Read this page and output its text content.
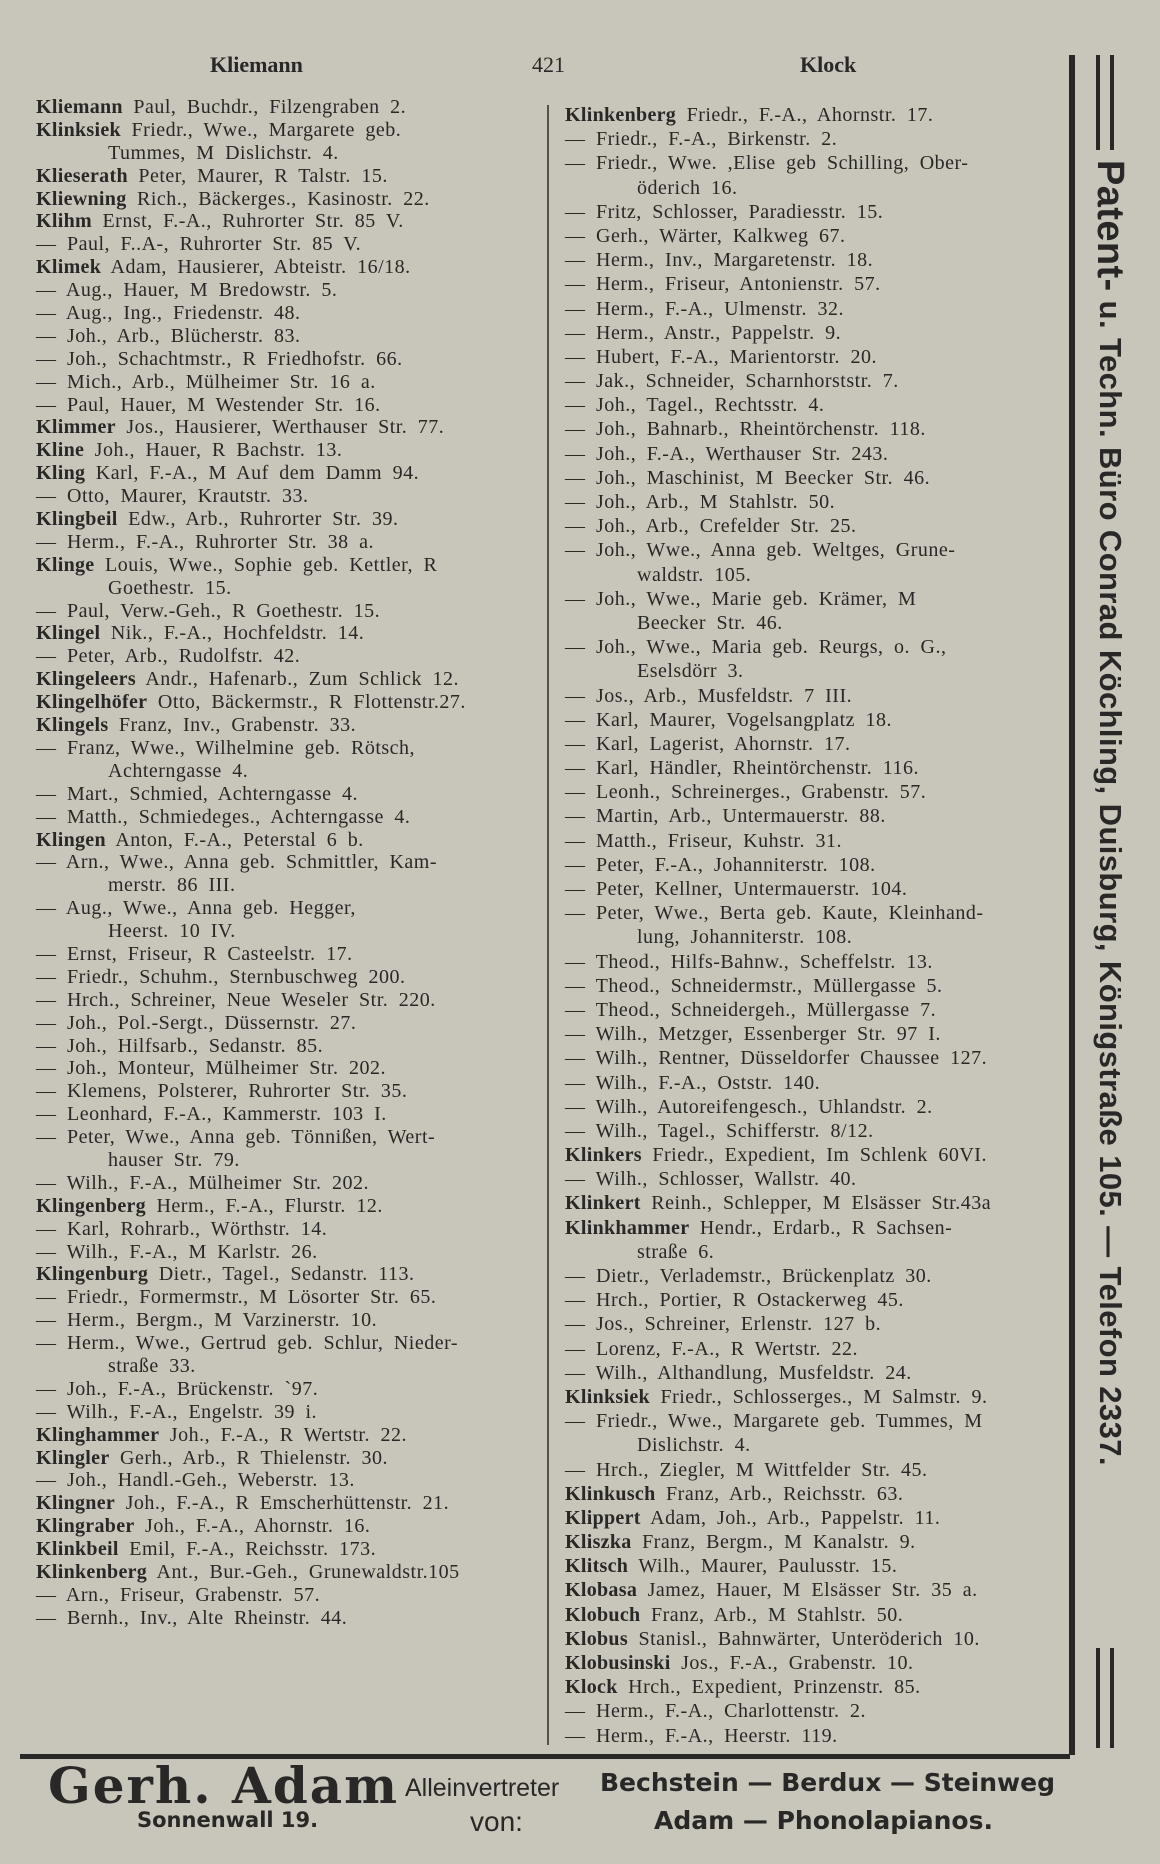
Kliemann	421	Klock
Kliemann Paul, Buchdr., Filzengraben 2.
Klinksiek Friedr., Wwe., Margarete geb.
Tummes, M Dislichstr. 4.
Klieserath Peter, Maurer, R Talstr. 15.
Kliewning Rich., Bäckerges., Kasinostr. 22.
Klihm Ernst, F.-A., Ruhrorter Str. 85 V.
— Paul, F..A-, Ruhrorter Str. 85 V.
Klimek Adam, Hausierer, Abteistr. 16/18.
— Aug., Hauer, M Bredowstr. 5.
— Aug., Ing., Friedenstr. 48.
— Joh., Arb., Blücherstr. 83.
— Joh., Schachtmstr., R Friedhofstr. 66.
— Mich., Arb., Mülheimer Str. 16 a.
— Paul, Hauer, M Westender Str. 16.
Klimmer Jos., Hausierer, Werthauser Str. 77.
Kline Joh., Hauer, R Bachstr. 13.
Kling Karl, F.-A., M Auf dem Damm 94.
— Otto, Maurer, Krautstr. 33.
Klingbeil Edw., Arb., Ruhrorter Str. 39.
— Herm., F.-A., Ruhrorter Str. 38 a.
Klinge Louis, Wwe., Sophie geb. Kettler, R
Goethestr. 15.
— Paul, Verw.-Geh., R Goethestr. 15.
Klingel Nik., F.-A., Hochfeldstr. 14.
— Peter, Arb., Rudolfstr. 42.
Klingeleers Andr., Hafenarb., Zum Schlick 12.
Klingelhöfer Otto, Bäckermstr., R Flottenstr.27.
Klingels Franz, Inv., Grabenstr. 33.
— Franz, Wwe., Wilhelmine geb. Rötsch,
Achterngasse 4.
— Mart., Schmied, Achterngasse 4.
— Matth., Schmiedeges., Achterngasse 4.
Klingen Anton, F.-A., Peterstal 6 b.
— Arn., Wwe., Anna geb. Schmittler, Kam-
merstr. 86 III.
— Aug., Wwe., Anna geb. Hegger,
Heerst. 10 IV.
— Ernst, Friseur, R Casteelstr. 17.
— Friedr., Schuhm., Sternbuschweg 200.
— Hrch., Schreiner, Neue Weseler Str. 220.
— Joh., Pol.-Sergt., Düssernstr. 27.
— Joh., Hilfsarb., Sedanstr. 85.
— Joh., Monteur, Mülheimer Str. 202.
— Klemens, Polsterer, Ruhrorter Str. 35.
— Leonhard, F.-A., Kammerstr. 103 I.
— Peter, Wwe., Anna geb. Tönnißen, Wert-
hauser Str. 79.
— Wilh., F.-A., Mülheimer Str. 202.
Klingenberg Herm., F.-A., Flurstr. 12.
— Karl, Rohrarb., Wörthstr. 14.
— Wilh., F.-A., M Karlstr. 26.
Klingenburg Dietr., Tagel., Sedanstr. 113.
— Friedr., Formermstr., M Lösorter Str. 65.
— Herm., Bergm., M Varzinerstr. 10.
— Herm., Wwe., Gertrud geb. Schlur, Nieder-
straße 33.
— Joh., F.-A., Brückenstr. `97.
— Wilh., F.-A., Engelstr. 39 i.
Klinghammer Joh., F.-A., R Wertstr. 22.
Klingler Gerh., Arb., R Thielenstr. 30.
— Joh., Handl.-Geh., Weberstr. 13.
Klingner Joh., F.-A., R Emscherhüttenstr. 21.
Klingraber Joh., F.-A., Ahornstr. 16.
Klinkbeil Emil, F.-A., Reichsstr. 173.
Klinkenberg Ant., Bur.-Geh., Grunewaldstr.105
— Arn., Friseur, Grabenstr. 57.
— Bernh., Inv., Alte Rheinstr. 44.
Klinkenberg Friedr., F.-A., Ahornstr. 17.
— Friedr., F.-A., Birkenstr. 2.
— Friedr., Wwe. ,Elise geb Schilling, Ober-
öderich 16.
— Fritz, Schlosser, Paradiesstr. 15.
— Gerh., Wärter, Kalkweg 67.
— Herm., Inv., Margaretenstr. 18.
— Herm., Friseur, Antonienstr. 57.
— Herm., F.-A., Ulmenstr. 32.
— Herm., Anstr., Pappelstr. 9.
— Hubert, F.-A., Marientorstr. 20.
— Jak., Schneider, Scharnhorststr. 7.
— Joh., Tagel., Rechtsstr. 4.
— Joh., Bahnarb., Rheintörchenstr. 118.
— Joh., F.-A., Werthauser Str. 243.
— Joh., Maschinist, M Beecker Str. 46.
— Joh., Arb., M Stahlstr. 50.
— Joh., Arb., Crefelder Str. 25.
— Joh., Wwe., Anna geb. Weltges, Grune-
waldstr. 105.
— Joh., Wwe., Marie geb. Krämer, M
Beecker Str. 46.
— Joh., Wwe., Maria geb. Reurgs, o. G.,
Eselsdörr 3.
— Jos., Arb., Musfeldstr. 7 III.
— Karl, Maurer, Vogelsangplatz 18.
— Karl, Lagerist, Ahornstr. 17.
— Karl, Händler, Rheintörchenstr. 116.
— Leonh., Schreinerges., Grabenstr. 57.
— Martin, Arb., Untermauerstr. 88.
— Matth., Friseur, Kuhstr. 31.
— Peter, F.-A., Johanniterstr. 108.
— Peter, Kellner, Untermauerstr. 104.
— Peter, Wwe., Berta geb. Kaute, Kleinhand-
lung, Johanniterstr. 108.
— Theod., Hilfs-Bahnw., Scheffelstr. 13.
— Theod., Schneidermstr., Müllergasse 5.
— Theod., Schneidergeh., Müllergasse 7.
— Wilh., Metzger, Essenberger Str. 97 I.
— Wilh., Rentner, Düsseldorfer Chaussee 127.
— Wilh., F.-A., Oststr. 140.
— Wilh., Autoreifengesch., Uhlandstr. 2.
— Wilh., Tagel., Schifferstr. 8/12.
Klinkers Friedr., Expedient, Im Schlenk 60VI.
— Wilh., Schlosser, Wallstr. 40.
Klinkert Reinh., Schlepper, M Elsässer Str.43a
Klinkhammer Hendr., Erdarb., R Sachsen-
straße 6.
— Dietr., Verlademstr., Brückenplatz 30.
— Hrch., Portier, R Ostackerweg 45.
— Jos., Schreiner, Erlenstr. 127 b.
— Lorenz, F.-A., R Wertstr. 22.
— Wilh., Althandlung, Musfeldstr. 24.
Klinksiek Friedr., Schlosserges., M Salmstr. 9.
— Friedr., Wwe., Margarete geb. Tummes, M
Dislichstr. 4.
— Hrch., Ziegler, M Wittfelder Str. 45.
Klinkusch Franz, Arb., Reichsstr. 63.
Klippert Adam, Joh., Arb., Pappelstr. 11.
Kliszka Franz, Bergm., M Kanalstr. 9.
Klitsch Wilh., Maurer, Paulusstr. 15.
Klobasa Jamez, Hauer, M Elsässer Str. 35 a.
Klobuch Franz, Arb., M Stahlstr. 50.
Klobus Stanisl., Bahnwärter, Unteröderich 10.
Klobusinski Jos., F.-A., Grabenstr. 10.
Klock Hrch., Expedient, Prinzenstr. 85.
— Herm., F.-A., Charlottenstr. 2.
— Herm., F.-A., Heerstr. 119.
Patent- u. Techn. Büro Conrad Köchling, Duisburg, Königstraße 105. — Telefon 2337.
Gerh. Adam Alleinvertreter
Sonnenwall 19.	von:
Bechstein — Berdux — Steinweg
Adam — Phonolapianos.
